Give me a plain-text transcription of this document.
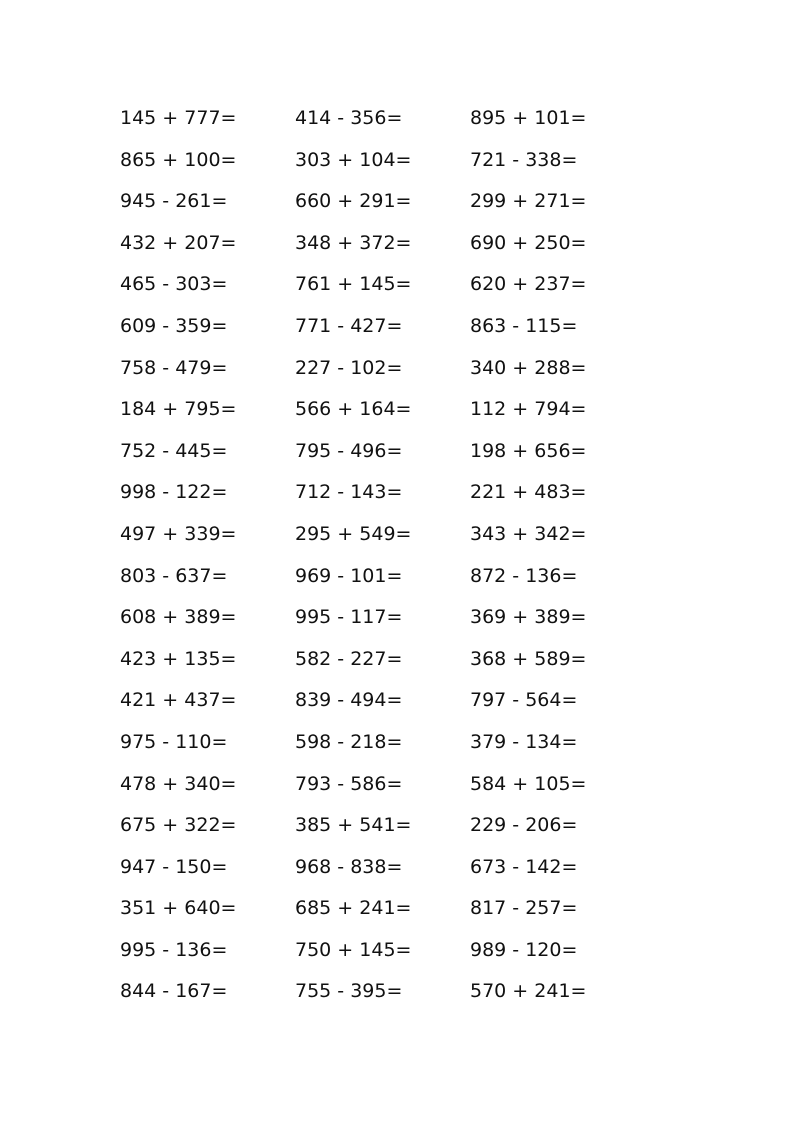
145 + 777=
865 + 100=
945 - 261=
432 + 207=
465 - 303=
609 - 359=
758 - 479=
184 + 795=
752 - 445=
998 - 122=
497 + 339=
803 - 637=
608 + 389=
423 + 135=
421 + 437=
975 - 110=
478 + 340=
675 + 322=
947 - 150=
351 + 640=
995 - 136=
844 - 167=
414 - 356=
303 + 104=
660 + 291=
348 + 372=
761 + 145=
771 - 427=
227 - 102=
566 + 164=
795 - 496=
712 - 143=
295 + 549=
969 - 101=
995 - 117=
582 - 227=
839 - 494=
598 - 218=
793 - 586=
385 + 541=
968 - 838=
685 + 241=
750 + 145=
755 - 395=
895 + 101=
721 - 338=
299 + 271=
690 + 250=
620 + 237=
863 - 115=
340 + 288=
112 + 794=
198 + 656=
221 + 483=
343 + 342=
872 - 136=
369 + 389=
368 + 589=
797 - 564=
379 - 134=
584 + 105=
229 - 206=
673 - 142=
817 - 257=
989 - 120=
570 + 241=
